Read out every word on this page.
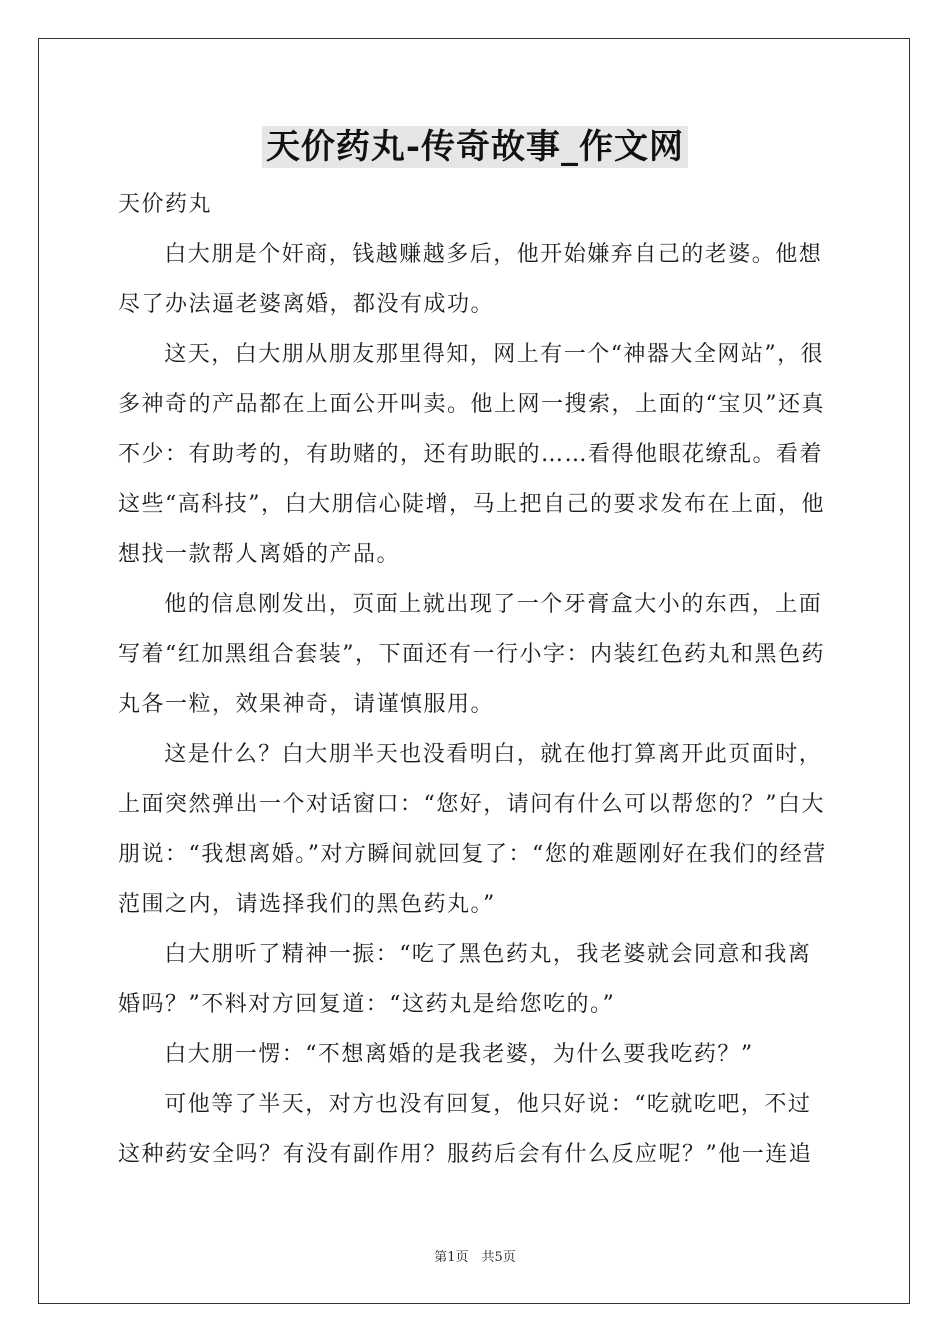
天价药丸-传奇故事_作文网

天价药丸

白大朋是个奸商，钱越赚越多后，他开始嫌弃自己的老婆。他想尽了办法逼老婆离婚，都没有成功。

这天，白大朋从朋友那里得知，网上有一个“神器大全网站”，很多神奇的产品都在上面公开叫卖。他上网一搜索，上面的“宝贝”还真不少：有助考的，有助赌的，还有助眠的……看得他眼花缭乱。看着这些“高科技”，白大朋信心陡增，马上把自己的要求发布在上面，他想找一款帮人离婚的产品。

他的信息刚发出，页面上就出现了一个牙膏盒大小的东西，上面写着“红加黑组合套装”，下面还有一行小字：内装红色药丸和黑色药丸各一粒，效果神奇，请谨慎服用。

这是什么？白大朋半天也没看明白，就在他打算离开此页面时，上面突然弹出一个对话窗口：“您好，请问有什么可以帮您的？”白大朋说：“我想离婚。”对方瞬间就回复了：“您的难题刚好在我们的经营范围之内，请选择我们的黑色药丸。”

白大朋听了精神一振：“吃了黑色药丸，我老婆就会同意和我离婚吗？”不料对方回复道：“这药丸是给您吃的。”

白大朋一愣：“不想离婚的是我老婆，为什么要我吃药？”

可他等了半天，对方也没有回复，他只好说：“吃就吃吧，不过这种药安全吗？有没有副作用？服药后会有什么反应呢？”他一连追

第1页　共5页
